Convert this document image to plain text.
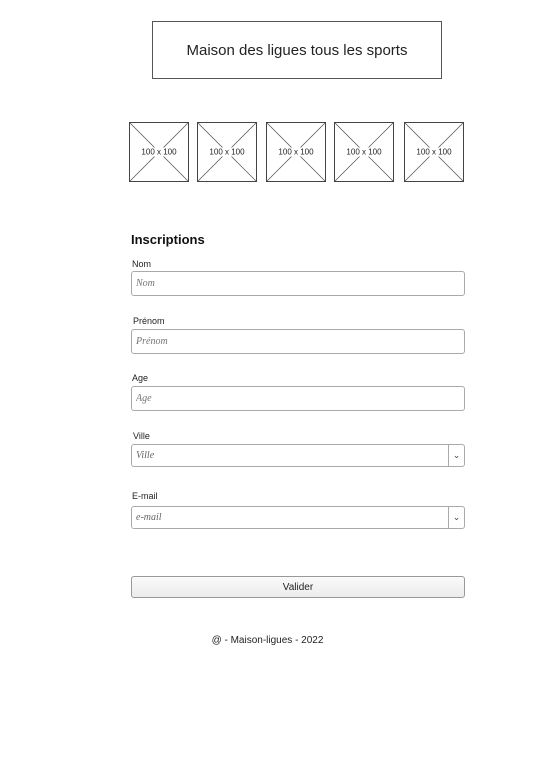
Maison des ligues tous les sports
100 x 100	100 x 100	100 x 100	100 x 100	100 x 100
Inscriptions
Nom
Nom
Prénom
Prénom
Age
Age
Ville
Ville	⌄
E-mail
e-mail	⌄
Valider
@ - Maison-ligues - 2022
